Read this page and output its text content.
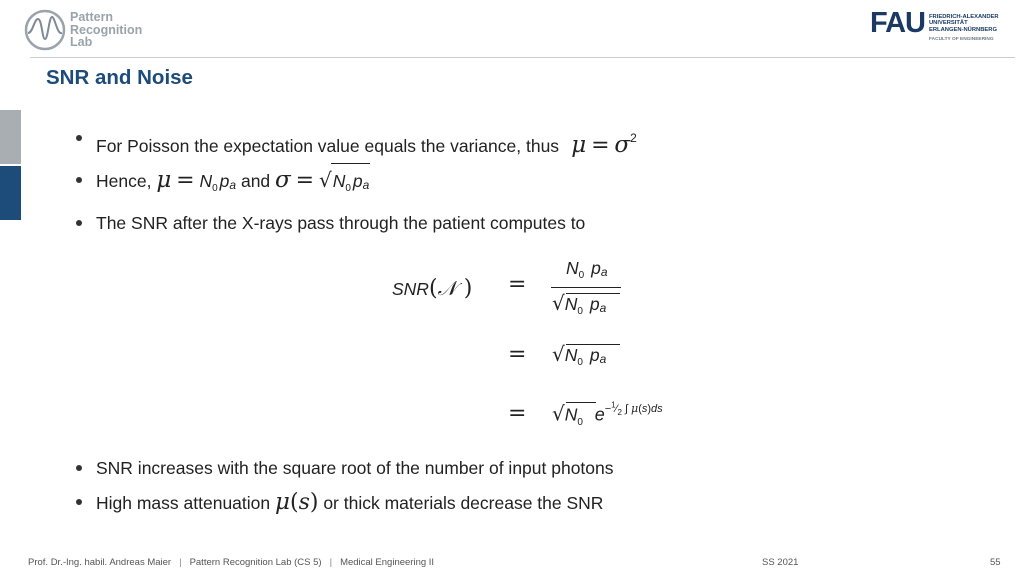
Pattern
Recognition
Lab
FAU FRIEDRICH-ALEXANDER
UNIVERSITÄT
ERLANGEN-NÜRNBERG
FACULTY OF ENGINEERING
SNR and Noise
For Poisson the expectation value equals the variance, thus  $\mu = \sigma^2$
Hence, $\mu = N_0$ $p_a$ and $\sigma = √N_0$ $p_a$
The SNR after the X-rays pass through the patient computes to
SNR(𝒩 ) =
$N_0$ $p_a$
$√N_0$ $p_a$
= $√N_0$ $p_a$
= $√N_0$ $e^{-^1⁄_2 \int \mu(s)ds}$
SNR increases with the square root of the number of input photons
High mass attenuation μ(s) or thick materials decrease the SNR
Prof. Dr.-Ing. habil. Andreas Maier | Pattern Recognition Lab (CS 5) | Medical Engineering II	SS 2021	55
